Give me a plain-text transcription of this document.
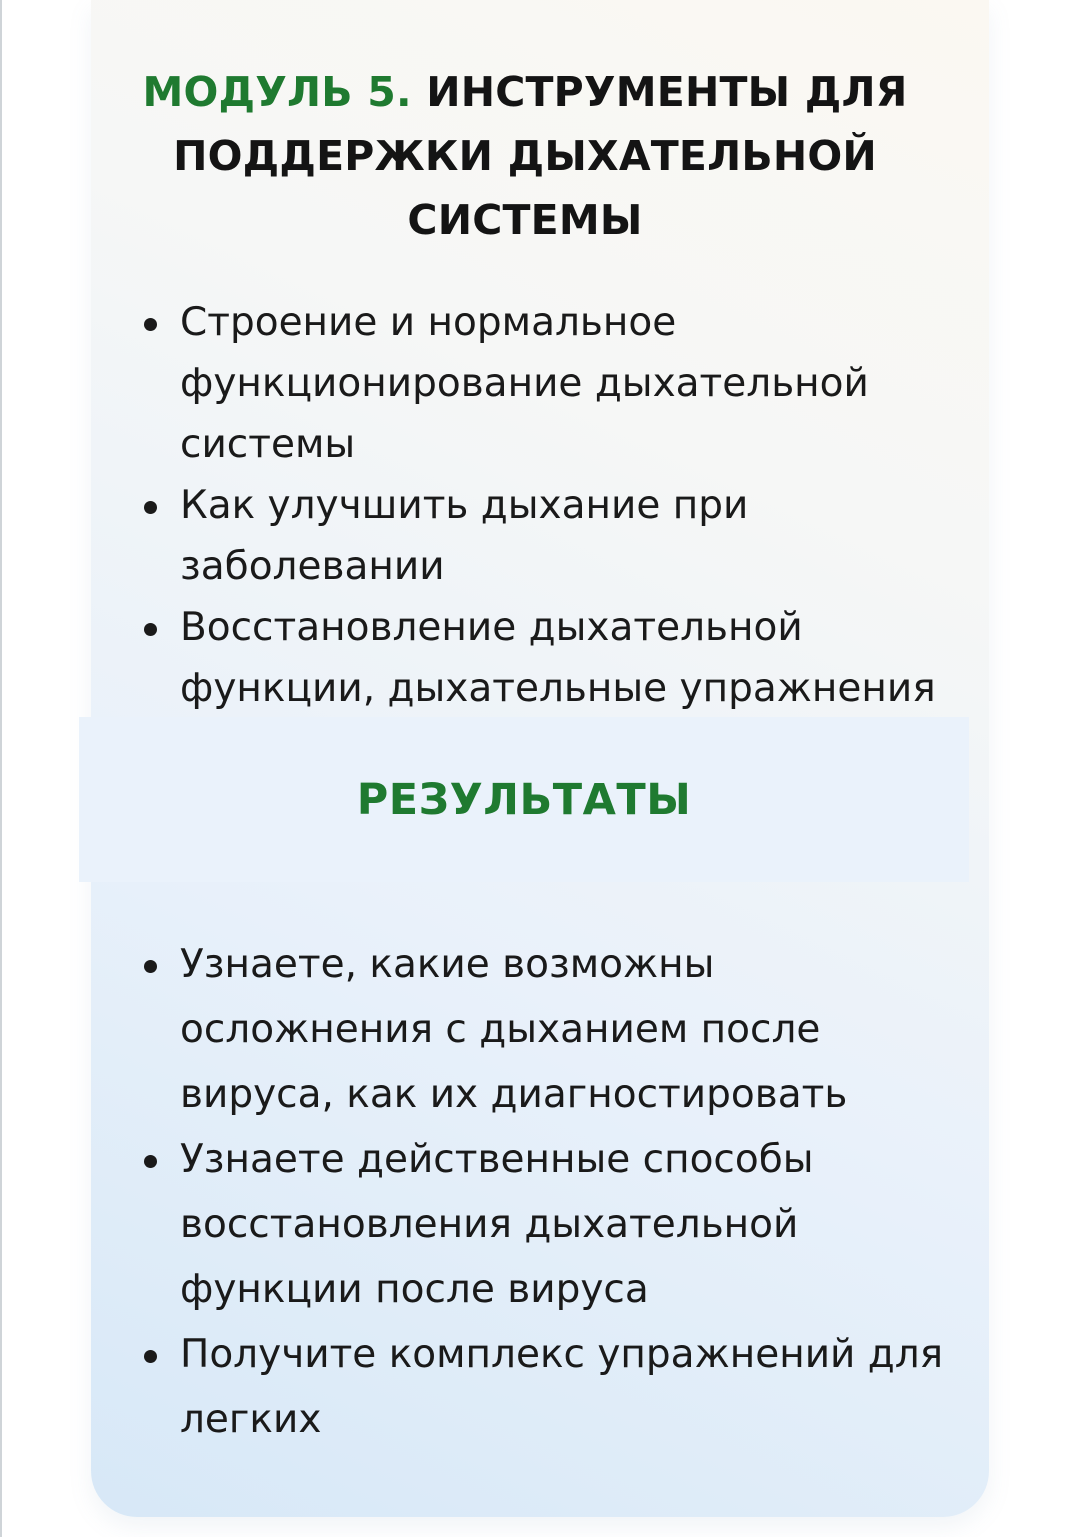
МОДУЛЬ 5. ИНСТРУМЕНТЫ ДЛЯ ПОДДЕРЖКИ ДЫХАТЕЛЬНОЙ СИСТЕМЫ
Строение и нормальное функционирование дыхательной системы
Как улучшить дыхание при заболевании
Восстановление дыхательной функции, дыхательные упражнения
РЕЗУЛЬТАТЫ
Узнаете, какие возможны осложнения с дыханием после вируса, как их диагностировать
Узнаете действенные способы восстановления дыхательной функции после вируса
Получите комплекс упражнений для легких
